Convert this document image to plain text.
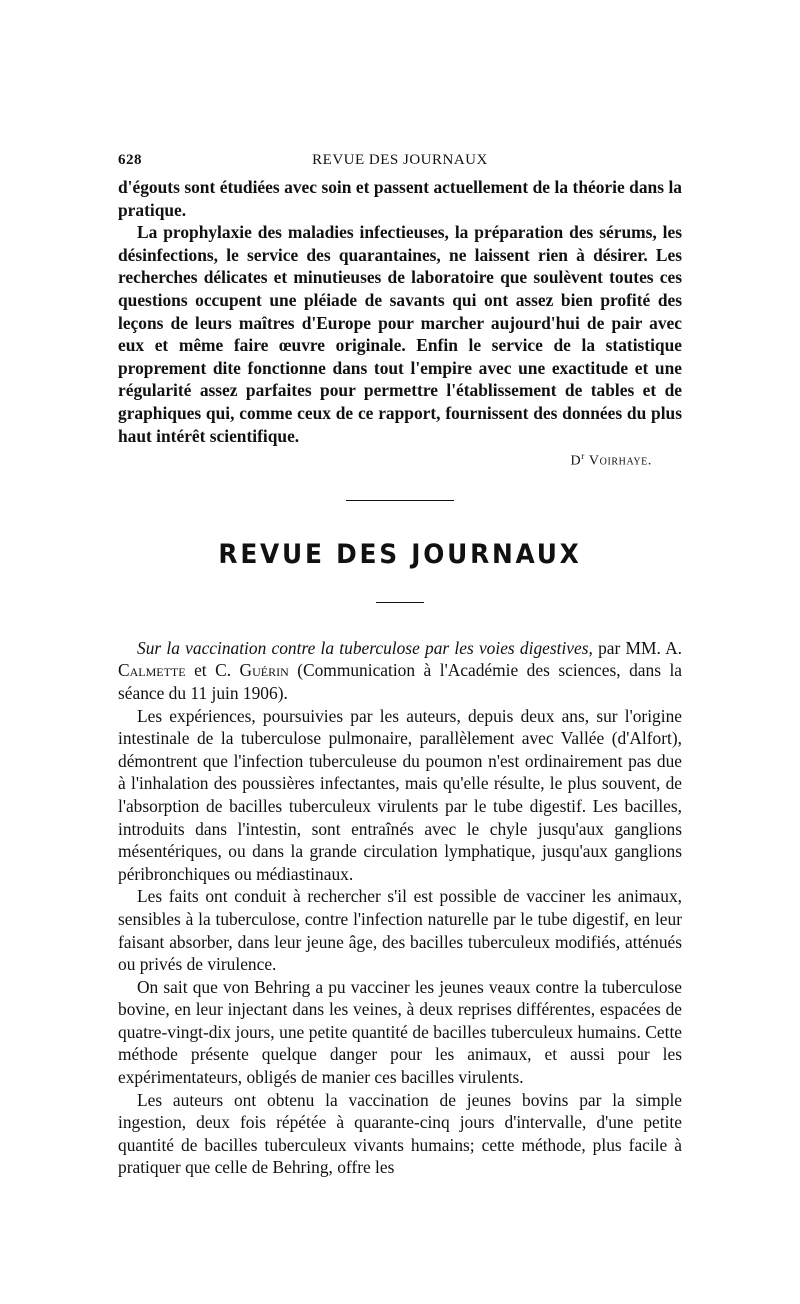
628	REVUE DES JOURNAUX

d'égouts sont étudiées avec soin et passent actuellement de la théorie dans la pratique.

La prophylaxie des maladies infectieuses, la préparation des sérums, les désinfections, le service des quarantaines, ne laissent rien à désirer. Les recherches délicates et minutieuses de laboratoire que soulèvent toutes ces questions occupent une pléiade de savants qui ont assez bien profité des leçons de leurs maîtres d'Europe pour marcher aujourd'hui de pair avec eux et même faire œuvre originale. Enfin le service de la statistique proprement dite fonctionne dans tout l'empire avec une exactitude et une régularité assez parfaites pour permettre l'établissement de tables et de graphiques qui, comme ceux de ce rapport, fournissent des données du plus haut intérêt scientifique.

$D^r$ Voirhaye.
REVUE DES JOURNAUX

Sur la vaccination contre la tuberculose par les voies digestives, par MM. A. Calmette et C. Guérin (Communication à l'Académie des sciences, dans la séance du 11 juin 1906).

Les expériences, poursuivies par les auteurs, depuis deux ans, sur l'origine intestinale de la tuberculose pulmonaire, parallèlement avec Vallée (d'Alfort), démontrent que l'infection tuberculeuse du poumon n'est ordinairement pas due à l'inhalation des poussières infectantes, mais qu'elle résulte, le plus souvent, de l'absorption de bacilles tuberculeux virulents par le tube digestif. Les bacilles, introduits dans l'intestin, sont entraînés avec le chyle jusqu'aux ganglions mésentériques, ou dans la grande circulation lymphatique, jusqu'aux ganglions péribronchiques ou médiastinaux.

Les faits ont conduit à rechercher s'il est possible de vacciner les animaux, sensibles à la tuberculose, contre l'infection naturelle par le tube digestif, en leur faisant absorber, dans leur jeune âge, des bacilles tuberculeux modifiés, atténués ou privés de virulence.

On sait que von Behring a pu vacciner les jeunes veaux contre la tuberculose bovine, en leur injectant dans les veines, à deux reprises différentes, espacées de quatre-vingt-dix jours, une petite quantité de bacilles tuberculeux humains. Cette méthode présente quelque danger pour les animaux, et aussi pour les expérimentateurs, obligés de manier ces bacilles virulents.

Les auteurs ont obtenu la vaccination de jeunes bovins par la simple ingestion, deux fois répétée à quarante-cinq jours d'intervalle, d'une petite quantité de bacilles tuberculeux vivants humains; cette méthode, plus facile à pratiquer que celle de Behring, offre les
